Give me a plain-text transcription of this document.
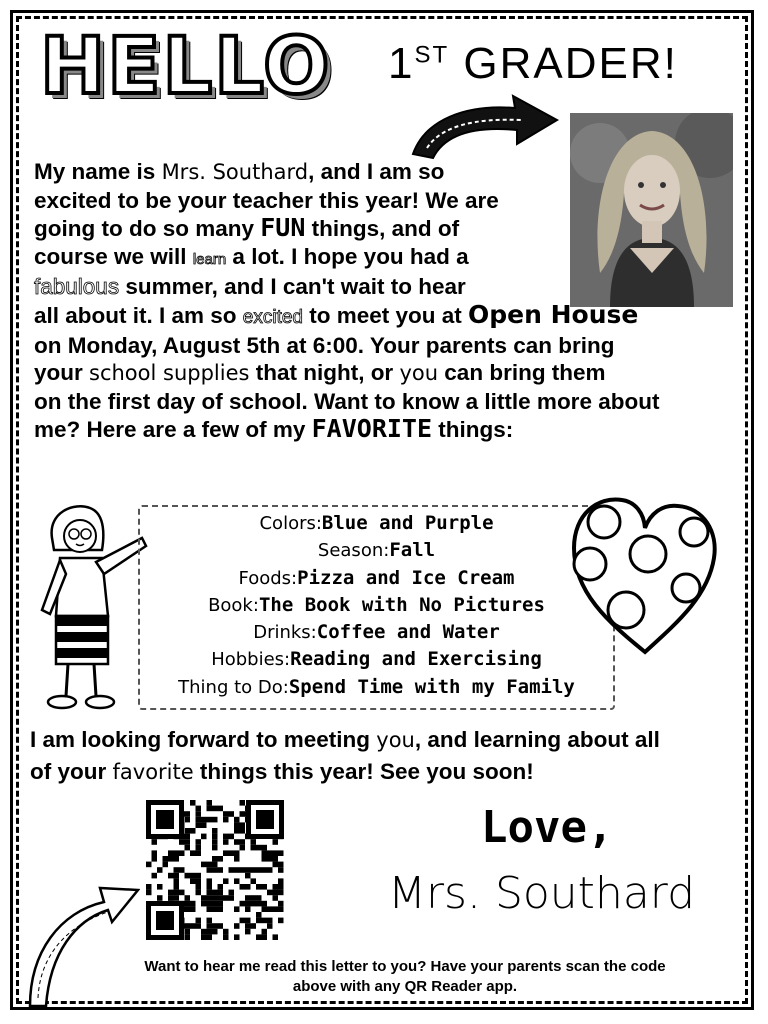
HELLO 1ST GRADER!
My name is Mrs. Southard, and I am so
excited to be your teacher this year! We are
going to do so many FUN things, and of
course we will learn a lot. I hope you had a
fabulous summer, and I can't wait to hear
all about it. I am so excited to meet you at Open House
on Monday, August 5th at 6:00. Your parents can bring
your school supplies that night, or you can bring them
on the first day of school. Want to know a little more about
me? Here are a few of my FAVORITE things:
Colors:Blue and Purple
Season:Fall
Foods:Pizza and Ice Cream
Book:The Book with No Pictures
Drinks:Coffee and Water
Hobbies:Reading and Exercising
Thing to Do:Spend Time with my Family
I am looking forward to meeting you, and learning about all
of your favorite things this year! See you soon!
Love,
Mrs. Southard
Want to hear me read this letter to you? Have your parents scan the code
above with any QR Reader app.
